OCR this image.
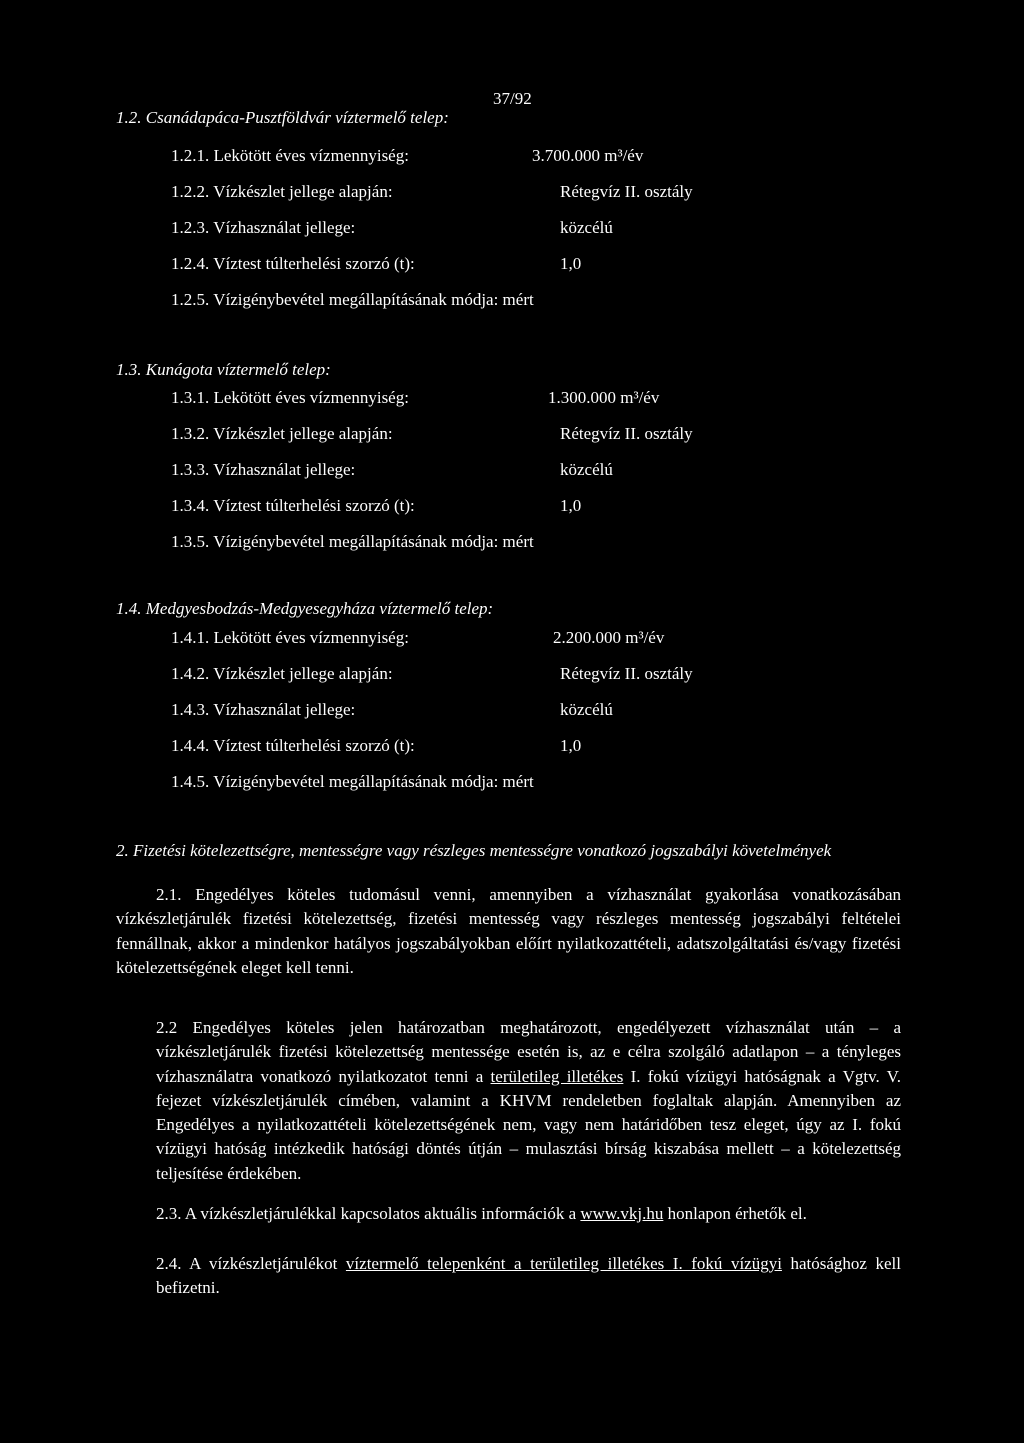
37/92
1.2. Csanádapáca-Pusztföldvár víztermelő telep:
1.2.1. Lekötött éves vízmennyiség:	3.700.000 m³/év
1.2.2. Vízkészlet jellege alapján:	Rétegvíz II. osztály
1.2.3. Vízhasználat jellege:	közcélú
1.2.4. Víztest túlterhelési szorzó (t):	1,0
1.2.5. Vízigénybevétel megállapításának módja: mért
1.3. Kunágota víztermelő telep:
1.3.1. Lekötött éves vízmennyiség:	1.300.000 m³/év
1.3.2. Vízkészlet jellege alapján:	Rétegvíz II. osztály
1.3.3. Vízhasználat jellege:	közcélú
1.3.4. Víztest túlterhelési szorzó (t):	1,0
1.3.5. Vízigénybevétel megállapításának módja: mért
1.4. Medgyesbodzás-Medgyesegyháza víztermelő telep:
1.4.1. Lekötött éves vízmennyiség:	2.200.000 m³/év
1.4.2. Vízkészlet jellege alapján:	Rétegvíz II. osztály
1.4.3. Vízhasználat jellege:	közcélú
1.4.4. Víztest túlterhelési szorzó (t):	1,0
1.4.5. Vízigénybevétel megállapításának módja: mért
2. Fizetési kötelezettségre, mentességre vagy részleges mentességre vonatkozó jogszabályi követelmények
2.1. Engedélyes köteles tudomásul venni, amennyiben a vízhasználat gyakorlása vonatkozásában vízkészletjárulék fizetési kötelezettség, fizetési mentesség vagy részleges mentesség jogszabályi feltételei fennállnak, akkor a mindenkor hatályos jogszabályokban előírt nyilatkozattételi, adatszolgáltatási és/vagy fizetési kötelezettségének eleget kell tenni.
2.2 Engedélyes köteles jelen határozatban meghatározott, engedélyezett vízhasználat után – a vízkészletjárulék fizetési kötelezettség mentessége esetén is, az e célra szolgáló adatlapon – a tényleges vízhasználatra vonatkozó nyilatkozatot tenni a területileg illetékes I. fokú vízügyi hatóságnak a Vgtv. V. fejezet vízkészletjárulék címében, valamint a KHVM rendeletben foglaltak alapján. Amennyiben az Engedélyes a nyilatkozattételi kötelezettségének nem, vagy nem határidőben tesz eleget, úgy az I. fokú vízügyi hatóság intézkedik hatósági döntés útján – mulasztási bírság kiszabása mellett – a kötelezettség teljesítése érdekében.
2.3. A vízkészletjárulékkal kapcsolatos aktuális információk a www.vkj.hu honlapon érhetők el.
2.4. A vízkészletjárulékot víztermelő telepenként a területileg illetékes I. fokú vízügyi hatósághoz kell befizetni.
